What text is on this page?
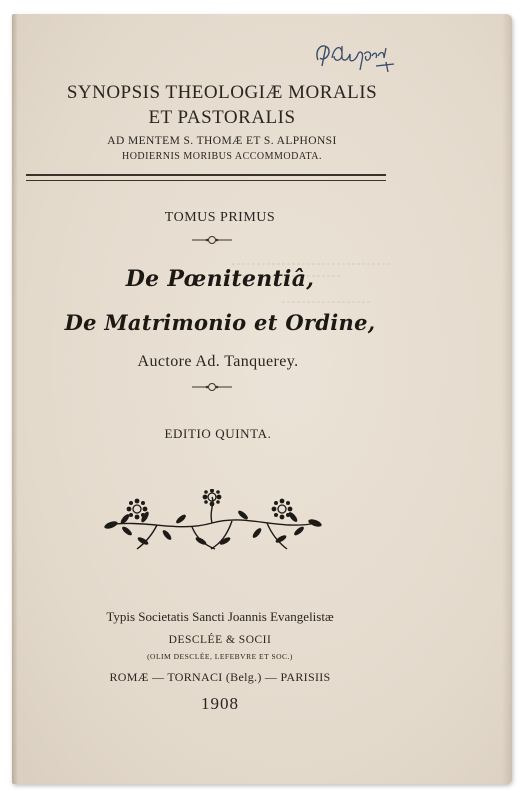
SYNOPSIS THEOLOGIÆ MORALIS
ET PASTORALIS
AD MENTEM S. THOMÆ ET S. ALPHONSI
HODIERNIS MORIBUS ACCOMMODATA.
TOMUS PRIMUS
De Pœnitentiâ,
De Matrimonio et Ordine,
Auctore Ad. Tanquerey.
EDITIO QUINTA.
Typis Societatis Sancti Joannis Evangelistæ
DESCLÉE & SOCII
(OLIM DESCLÉE, LEFEBVRE ET SOC.)
ROMÆ — TORNACI (Belg.) — PARISIIS
1908
